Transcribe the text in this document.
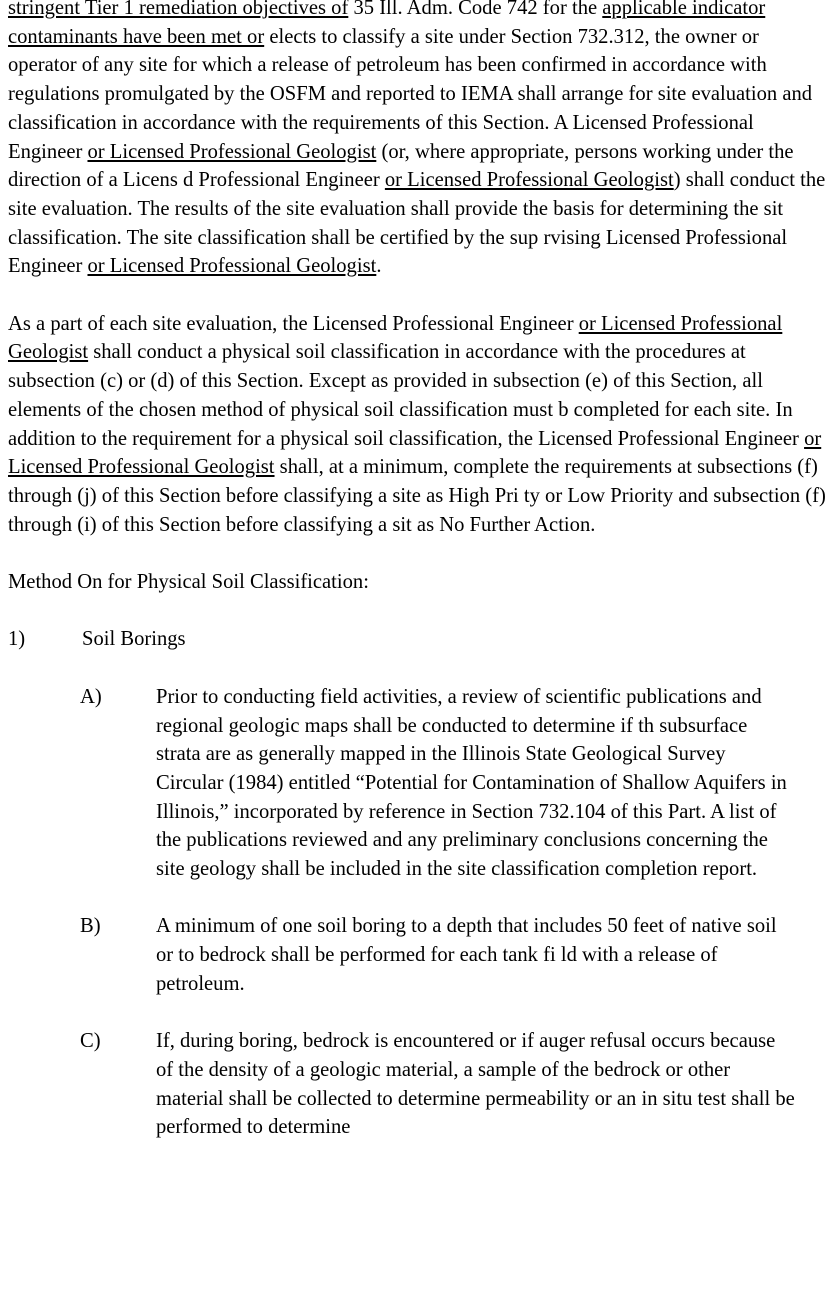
stringent Tier 1 remediation objectives of 35 Ill. Adm. Code 742 for the applicable indicator contaminants have been met or elects to classify a site under Section 732.312, the owner or operator of any site for which a release of petroleum has been confirmed in accordance with regulations promulgated by the OSFM and reported to IEMA shall arrange for site evaluation and classification in accordance with the requirements of this Section. A Licensed Professional Engineer or Licensed Professional Geologist (or, where appropriate, persons working under the direction of a Licens d Professional Engineer or Licensed Professional Geologist) shall conduct the site evaluation. The results of the site evaluation shall provide the basis for determining the sit classification. The site classification shall be certified by the sup rvising Licensed Professional Engineer or Licensed Professional Geologist.

As a part of each site evaluation, the Licensed Professional Engineer or Licensed Professional Geologist shall conduct a physical soil classification in accordance with the procedures at subsection (c) or (d) of this Section. Except as provided in subsection (e) of this Section, all elements of the chosen method of physical soil classification must b completed for each site. In addition to the requirement for a physical soil classification, the Licensed Professional Engineer or Licensed Professional Geologist shall, at a minimum, complete the requirements at subsections (f) through (j) of this Section before classifying a site as High Pri ty or Low Priority and subsection (f) through (i) of this Section before classifying a sit as No Further Action.

Method On for Physical Soil Classification:

1)	Soil Borings

A)	Prior to conducting field activities, a review of scientific publications and regional geologic maps shall be conducted to determine if th subsurface strata are as generally mapped in the Illinois State Geological Survey Circular (1984) entitled “Potential for Contamination of Shallow Aquifers in Illinois,” incorporated by reference in Section 732.104 of this Part. A list of the publications reviewed and any preliminary conclusions concerning the site geology shall be included in the site classification completion report.

B)	A minimum of one soil boring to a depth that includes 50 feet of native soil or to bedrock shall be performed for each tank fi ld with a release of petroleum.

C)	If, during boring, bedrock is encountered or if auger refusal occurs because of the density of a geologic material, a sample of the bedrock or other material shall be collected to determine permeability or an in situ test shall be performed to determine
